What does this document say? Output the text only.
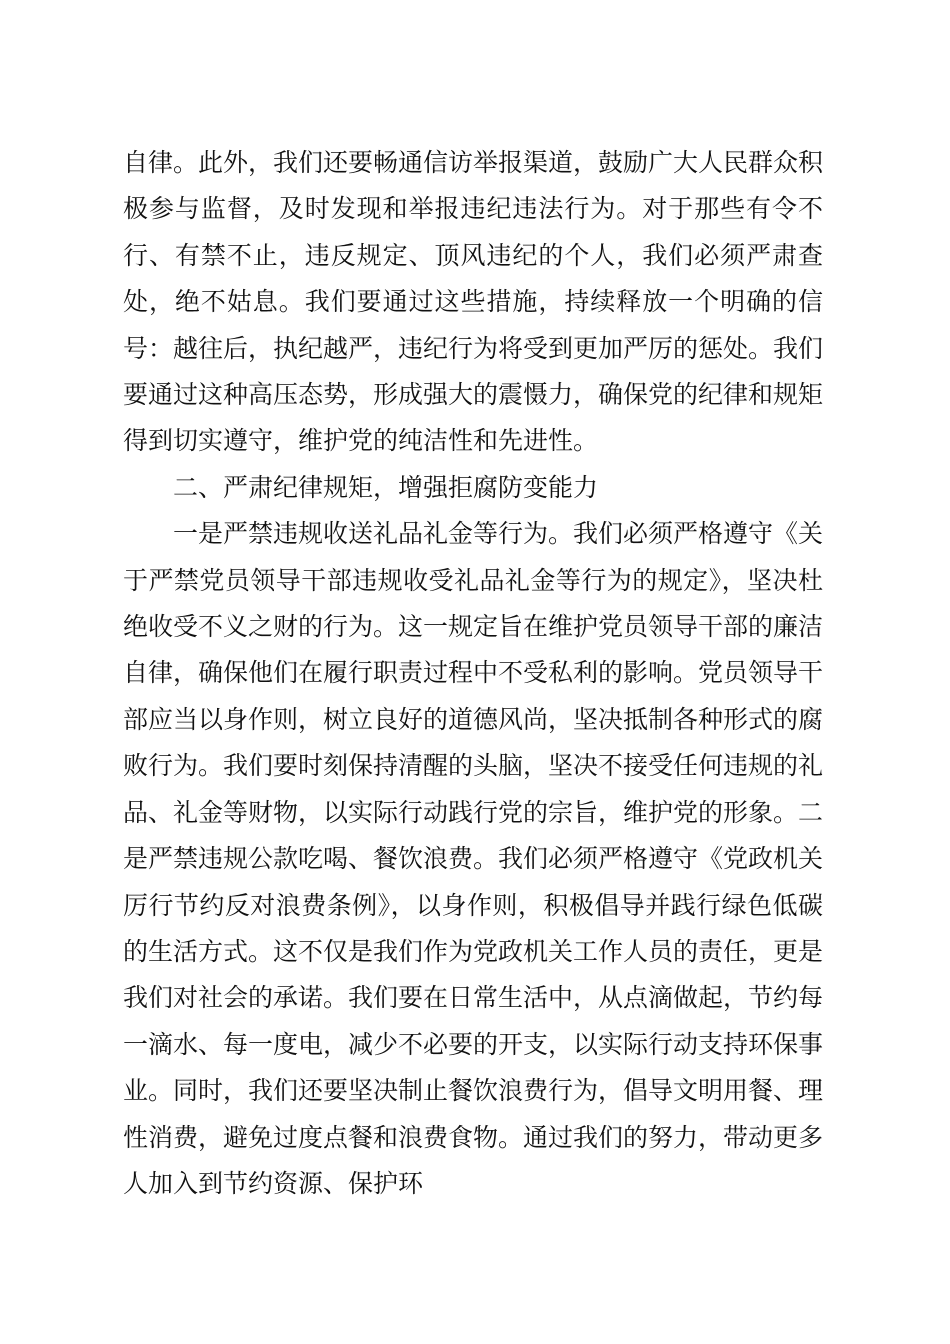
自律。此外，我们还要畅通信访举报渠道，鼓励广大人民群众积极参与监督，及时发现和举报违纪违法行为。对于那些有令不行、有禁不止，违反规定、顶风违纪的个人，我们必须严肃查处，绝不姑息。我们要通过这些措施，持续释放一个明确的信号：越往后，执纪越严，违纪行为将受到更加严厉的惩处。我们要通过这种高压态势，形成强大的震慑力，确保党的纪律和规矩得到切实遵守，维护党的纯洁性和先进性。

二、严肃纪律规矩，增强拒腐防变能力

一是严禁违规收送礼品礼金等行为。我们必须严格遵守《关于严禁党员领导干部违规收受礼品礼金等行为的规定》，坚决杜绝收受不义之财的行为。这一规定旨在维护党员领导干部的廉洁自律，确保他们在履行职责过程中不受私利的影响。党员领导干部应当以身作则，树立良好的道德风尚，坚决抵制各种形式的腐败行为。我们要时刻保持清醒的头脑，坚决不接受任何违规的礼品、礼金等财物，以实际行动践行党的宗旨，维护党的形象。二是严禁违规公款吃喝、餐饮浪费。我们必须严格遵守《党政机关厉行节约反对浪费条例》，以身作则，积极倡导并践行绿色低碳的生活方式。这不仅是我们作为党政机关工作人员的责任，更是我们对社会的承诺。我们要在日常生活中，从点滴做起，节约每一滴水、每一度电，减少不必要的开支，以实际行动支持环保事业。同时，我们还要坚决制止餐饮浪费行为，倡导文明用餐、理性消费，避免过度点餐和浪费食物。通过我们的努力，带动更多人加入到节约资源、保护环
